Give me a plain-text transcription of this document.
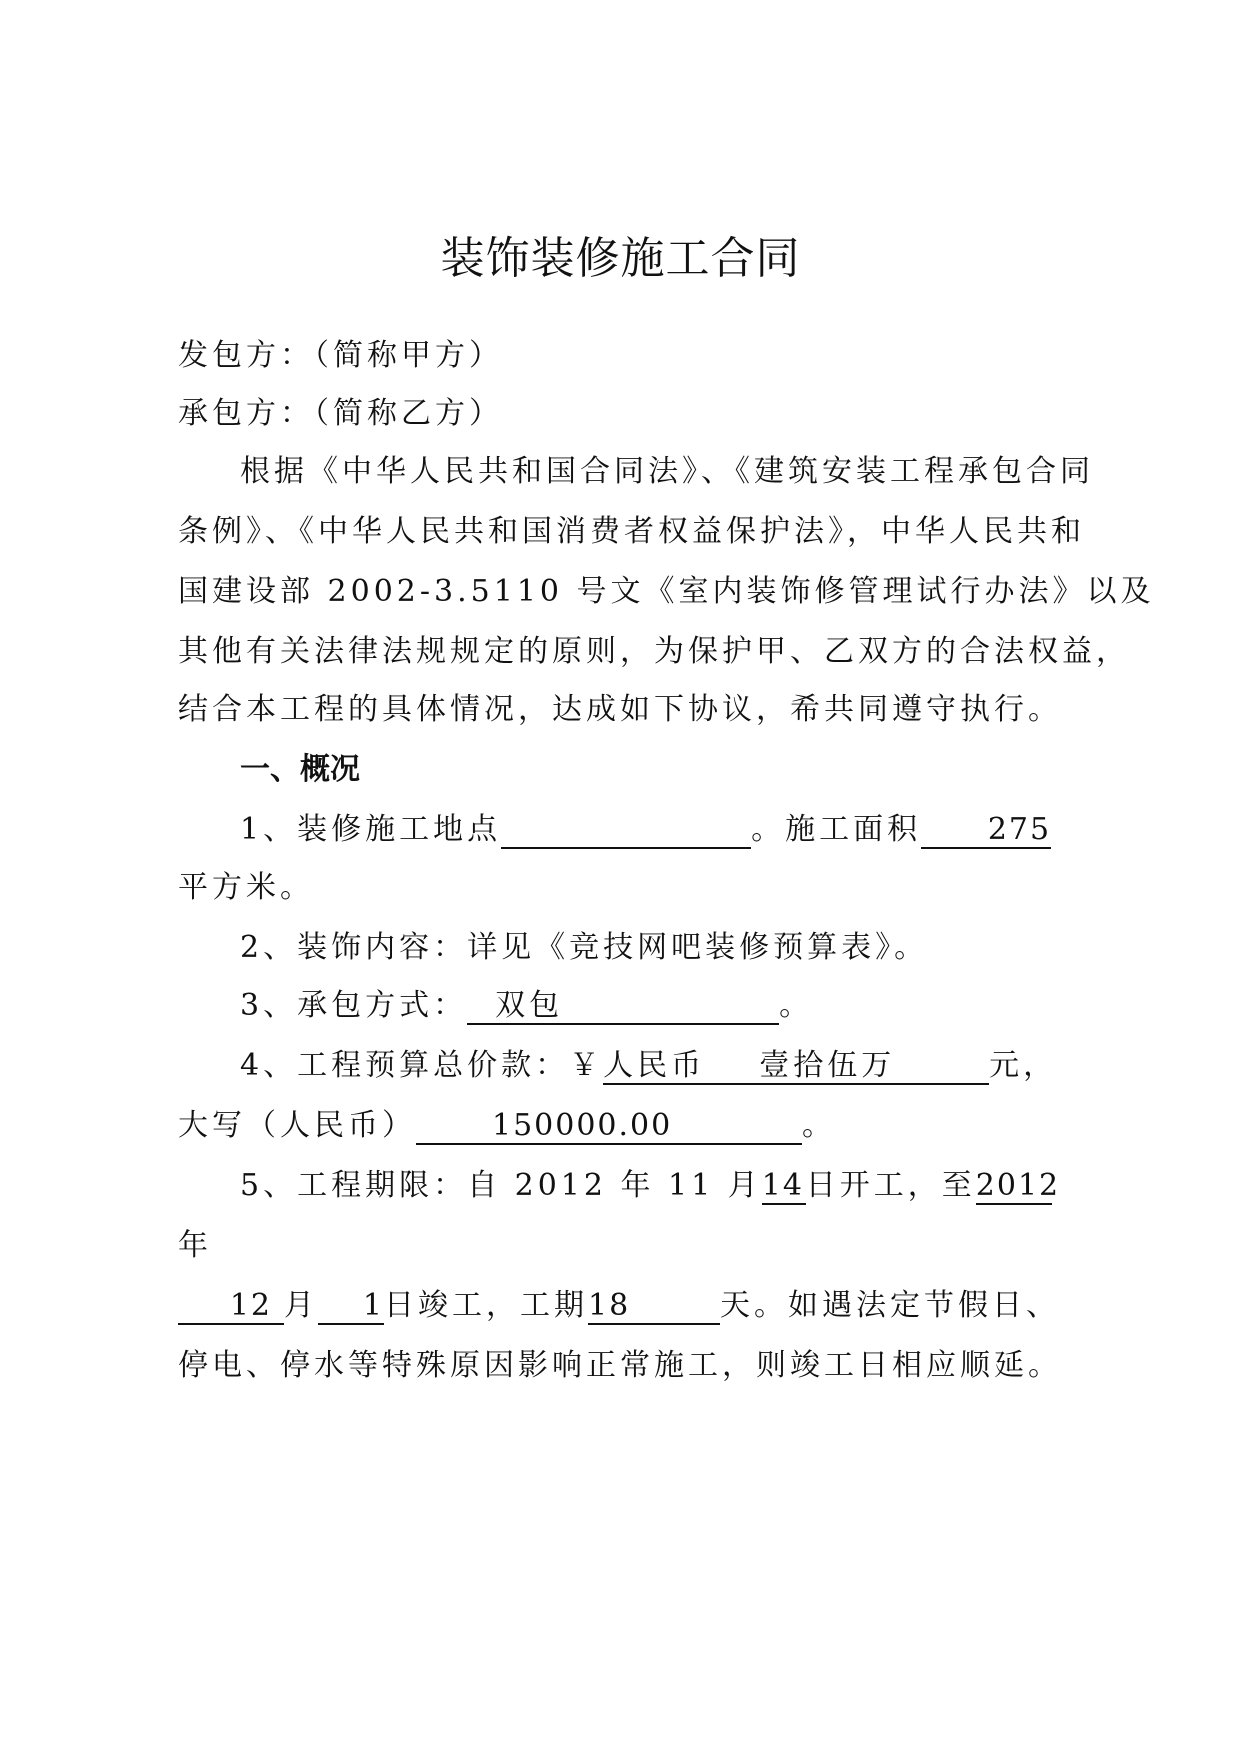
装饰装修施工合同
发包方：（简称甲方）
承包方：（简称乙方）
根据《中华人民共和国合同法》、《建筑安装工程承包合同
条例》、《中华人民共和国消费者权益保护法》，中华人民共和
国建设部 2002-3.5110 号文《室内装饰修管理试行办法》以及
其他有关法律法规规定的原则，为保护甲、乙双方的合法权益，
结合本工程的具体情况，达成如下协议，希共同遵守执行。
一、概况
1、装修施工地点	。施工面积 275
平方米。
2、装饰内容：详见《竞技网吧装修预算表》。
3、承包方式： 双包	。
4、工程预算总价款：￥人民币    壹拾伍万	元，
大写（人民币）	150000.00	。
5、工程期限：自 2012 年 11 月14日开工，至2012
年
12 月 1日竣工，工期18	天。如遇法定节假日、
停电、停水等特殊原因影响正常施工，则竣工日相应顺延。
